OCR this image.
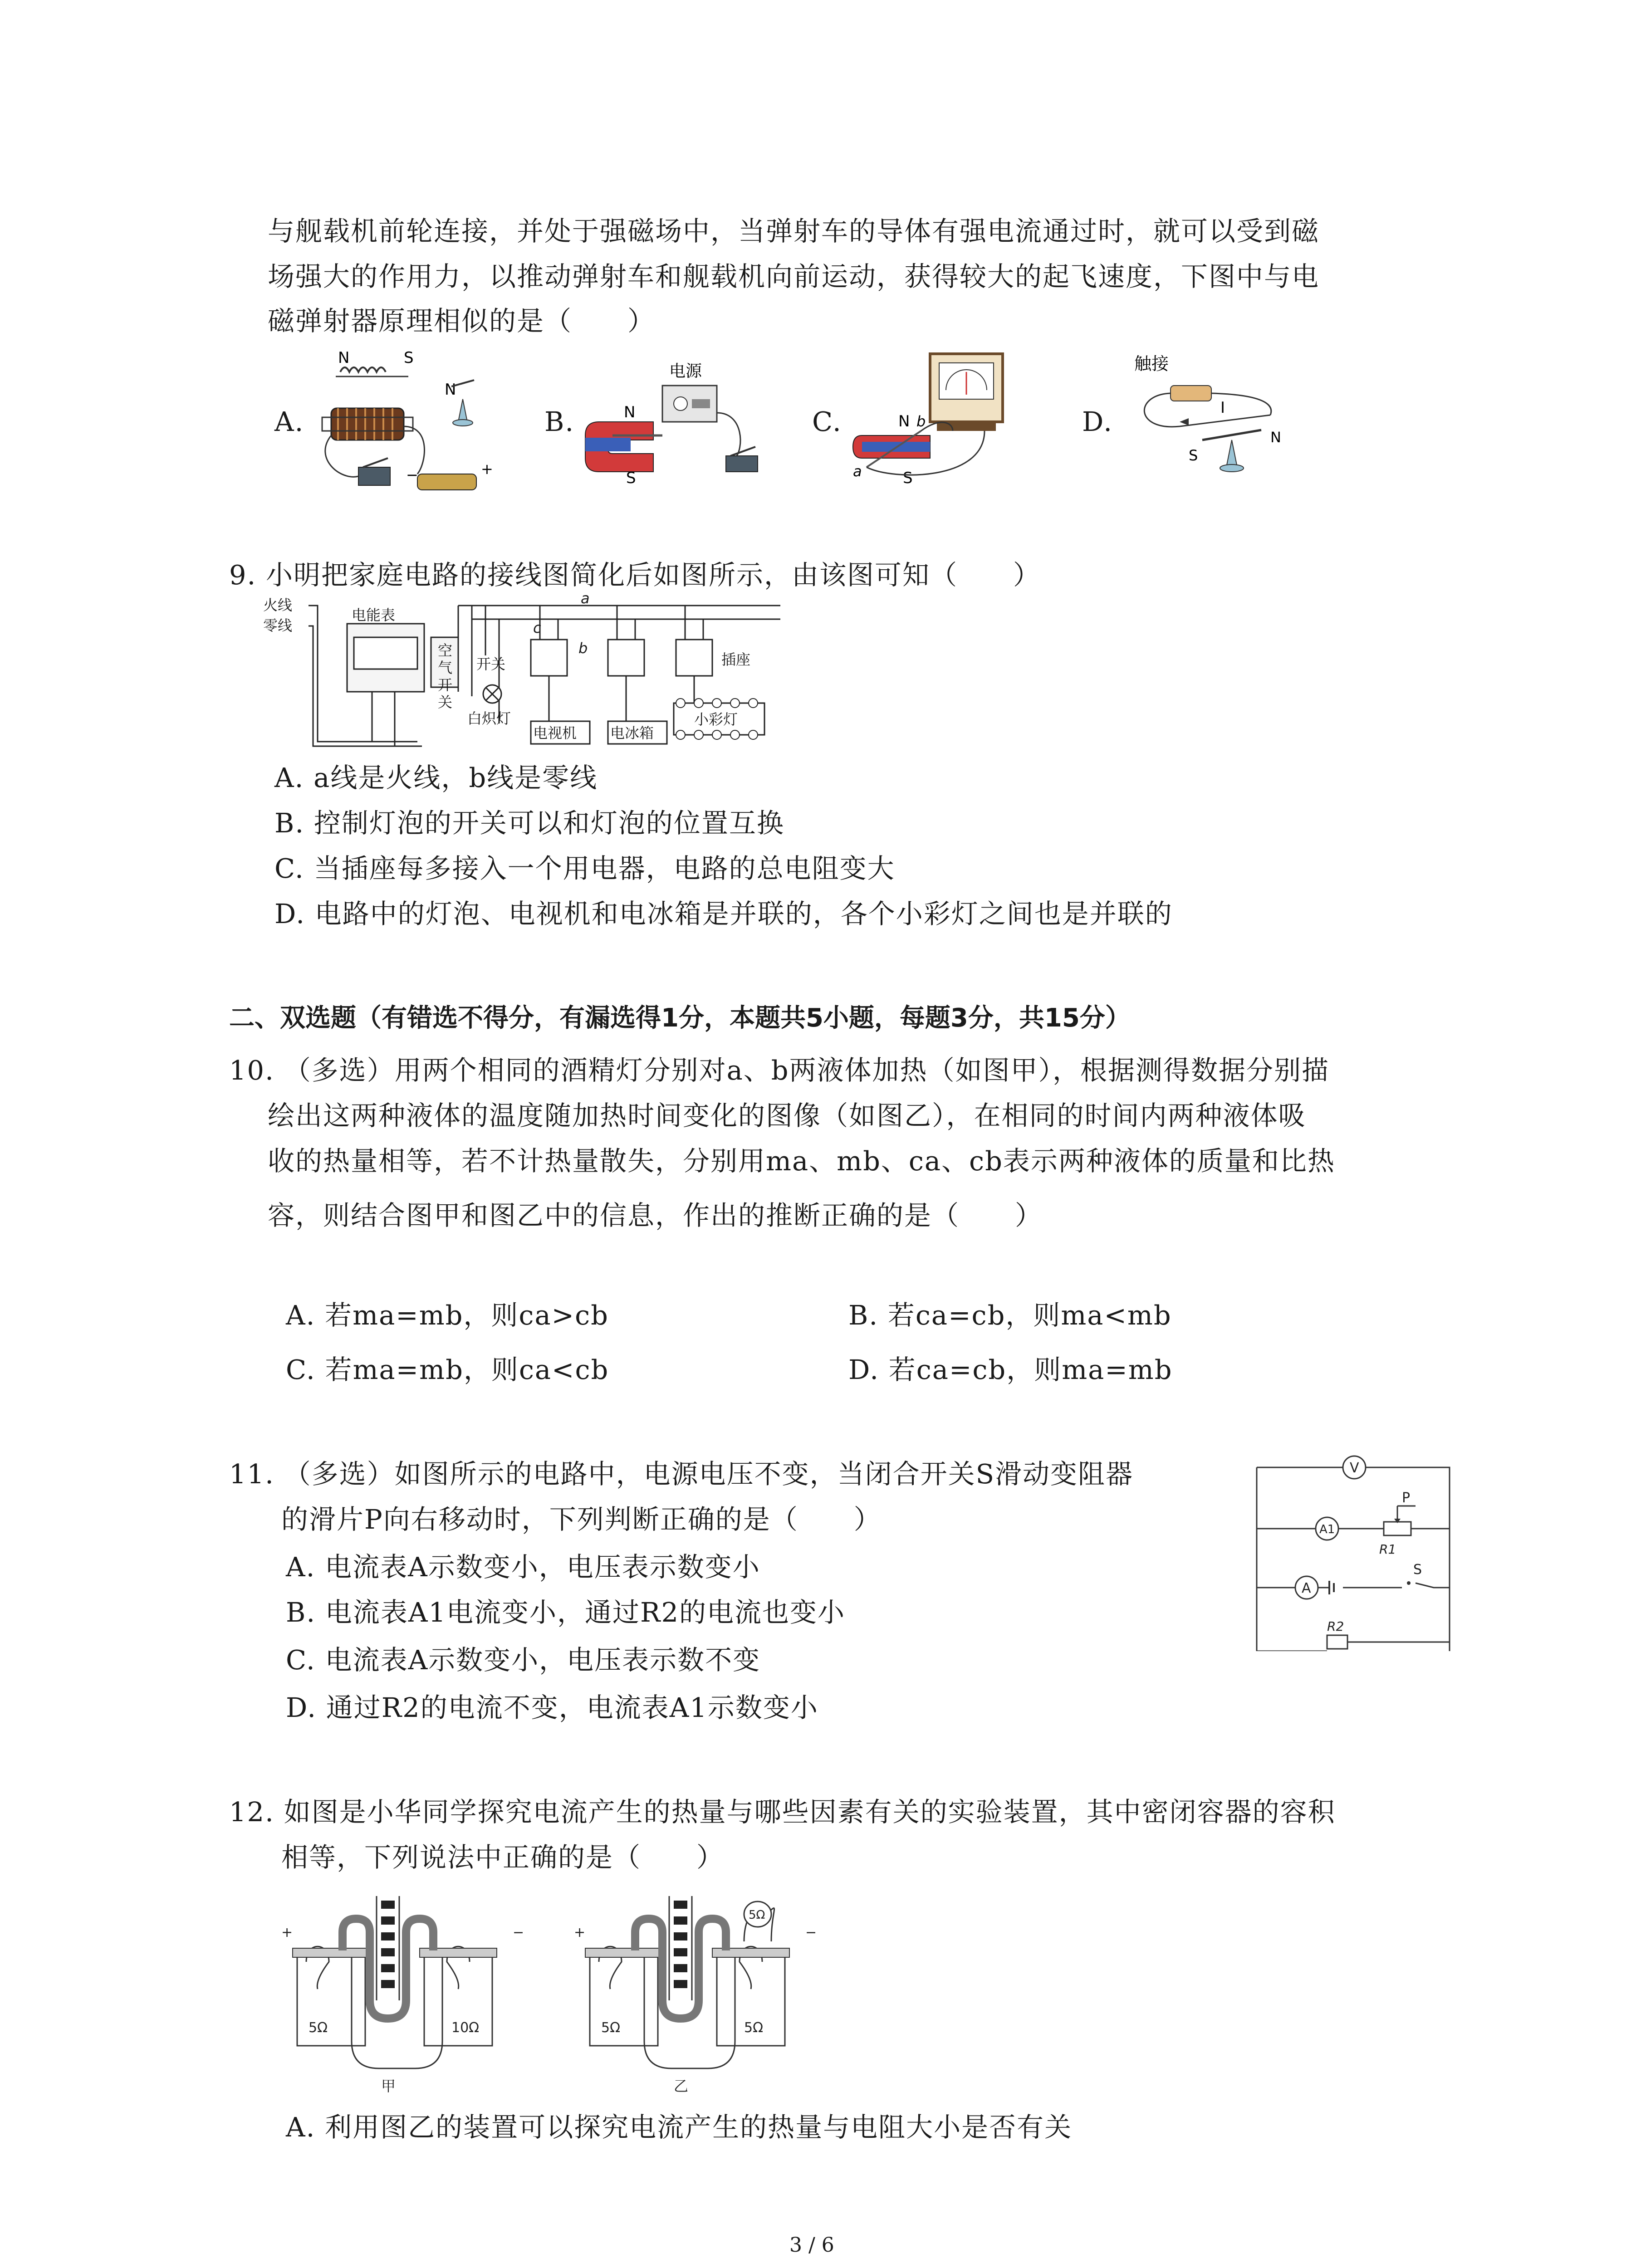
与舰载机前轮连接，并处于强磁场中，当弹射车的导体有强电流通过时，就可以受到磁
场强大的作用力，以推动弹射车和舰载机向前运动，获得较大的起飞速度，下图中与电
磁弹射器原理相似的是（　　）
A.
N	S
N
−	+
B.
电源
N
S
C.	N b
a	S
D.
触接
I
S
N
9. 小明把家庭电路的接线图简化后如图所示，由该图可知（　　）
火线
零线
电能表
空
气
开
关
开关
白炽灯
a
b
c
插座
电视机 电冰箱
小彩灯
A. a线是火线，b线是零线
B. 控制灯泡的开关可以和灯泡的位置互换
C. 当插座每多接入一个用电器，电路的总电阻变大
D. 电路中的灯泡、电视机和电冰箱是并联的，各个小彩灯之间也是并联的
二、双选题（有错选不得分，有漏选得1分，本题共5小题，每题3分，共15分）
10. （多选）用两个相同的酒精灯分别对a、b两液体加热（如图甲），根据测得数据分别描
绘出这两种液体的温度随加热时间变化的图像（如图乙），在相同的时间内两种液体吸
收的热量相等，若不计热量散失，分别用ma、mb、ca、cb表示两种液体的质量和比热
容，则结合图甲和图乙中的信息，作出的推断正确的是（　　）
A. 若ma=mb，则ca>cb	B. 若ca=cb，则ma<mb
C. 若ma=mb，则ca<cb	D. 若ca=cb，则ma=mb
11. （多选）如图所示的电路中，电源电压不变，当闭合开关S滑动变阻器
的滑片P向右移动时，下列判断正确的是（　　）
A. 电流表A示数变小，电压表示数变小
B. 电流表A1电流变小，通过R2的电流也变小
C. 电流表A示数变小，电压表示数不变
D. 通过R2的电流不变，电流表A1示数变小
V
A1
P
R1
S
A
R2
12. 如图是小华同学探究电流产生的热量与哪些因素有关的实验装置，其中密闭容器的容积
相等，下列说法中正确的是（　　）
+	−
5Ω	10Ω
甲
+	−
5Ω	5Ω
5Ω
乙
A. 利用图乙的装置可以探究电流产生的热量与电阻大小是否有关
3 / 6
